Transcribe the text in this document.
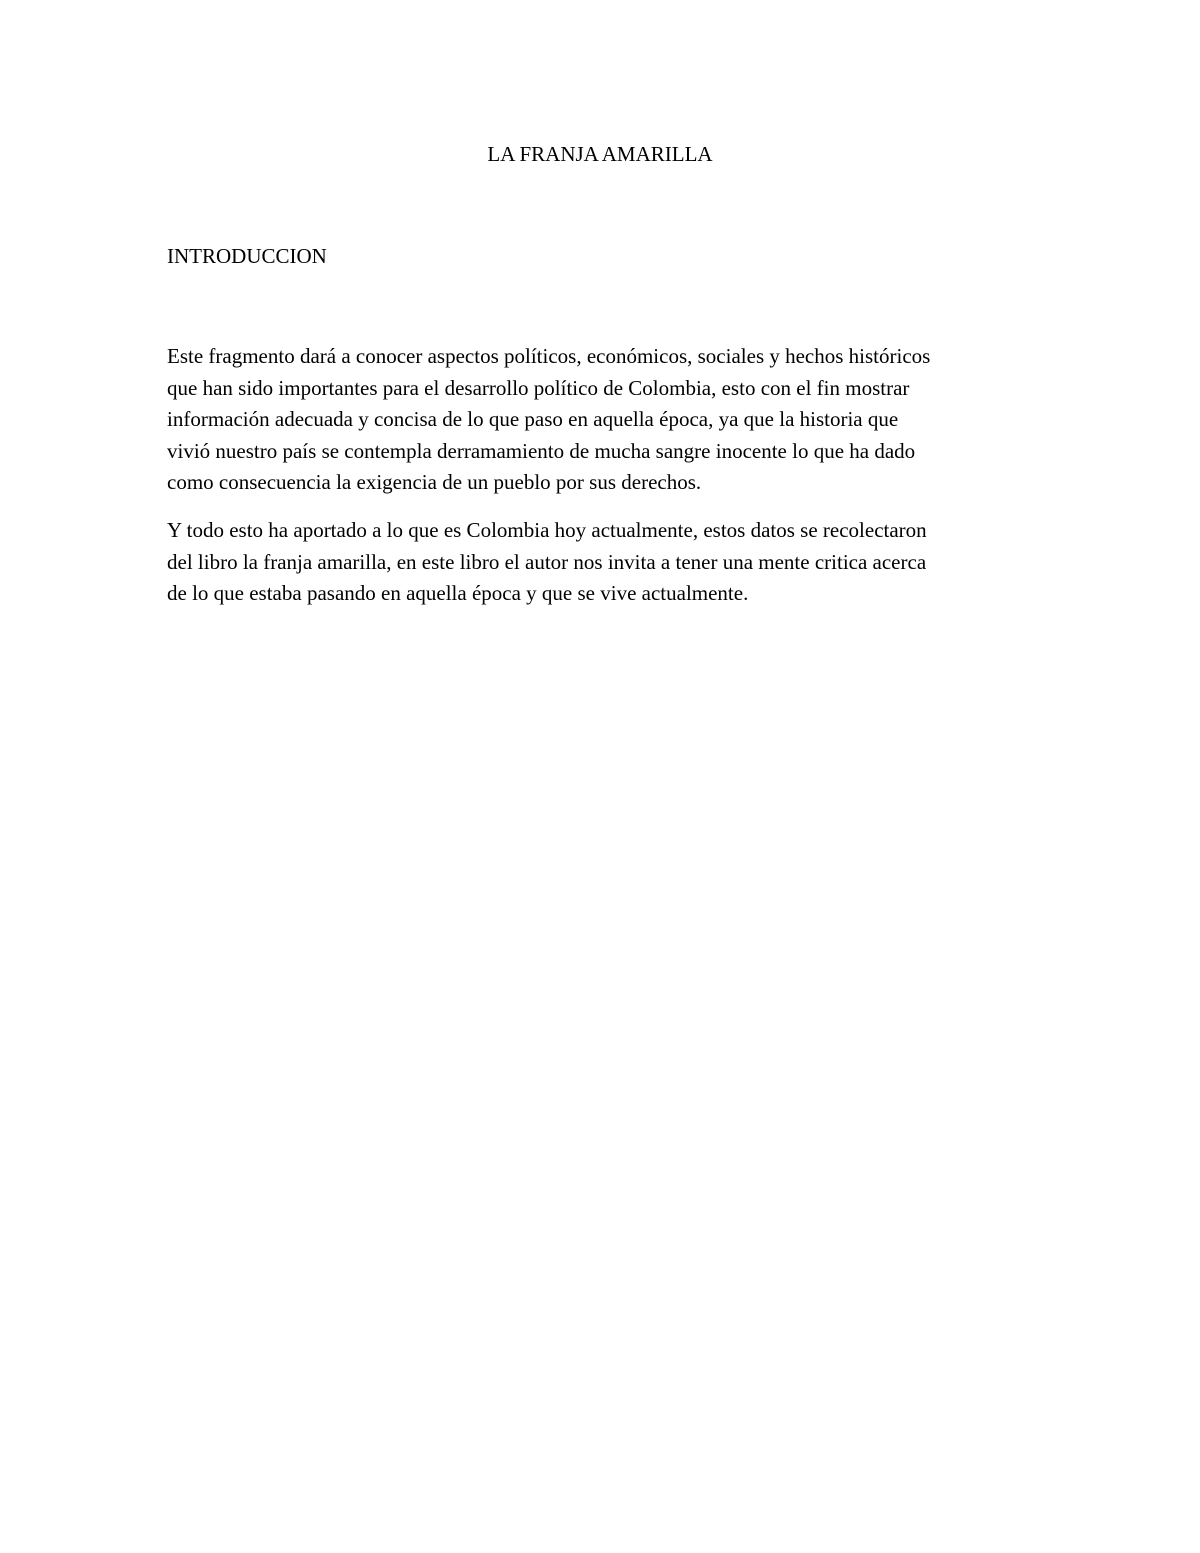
LA FRANJA AMARILLA
INTRODUCCION

Este fragmento dará a conocer aspectos políticos, económicos, sociales y hechos históricos
que han sido importantes para el desarrollo político de Colombia, esto con el fin mostrar
información adecuada y concisa de lo que paso en aquella época, ya que la historia que
vivió nuestro país se contempla derramamiento de mucha sangre inocente lo que ha dado
como consecuencia la exigencia de un pueblo por sus derechos.

Y todo esto ha aportado a lo que es Colombia hoy actualmente, estos datos se recolectaron
del libro la franja amarilla, en este libro el autor nos invita a tener una mente critica acerca
de lo que estaba pasando en aquella época y que se vive actualmente.
